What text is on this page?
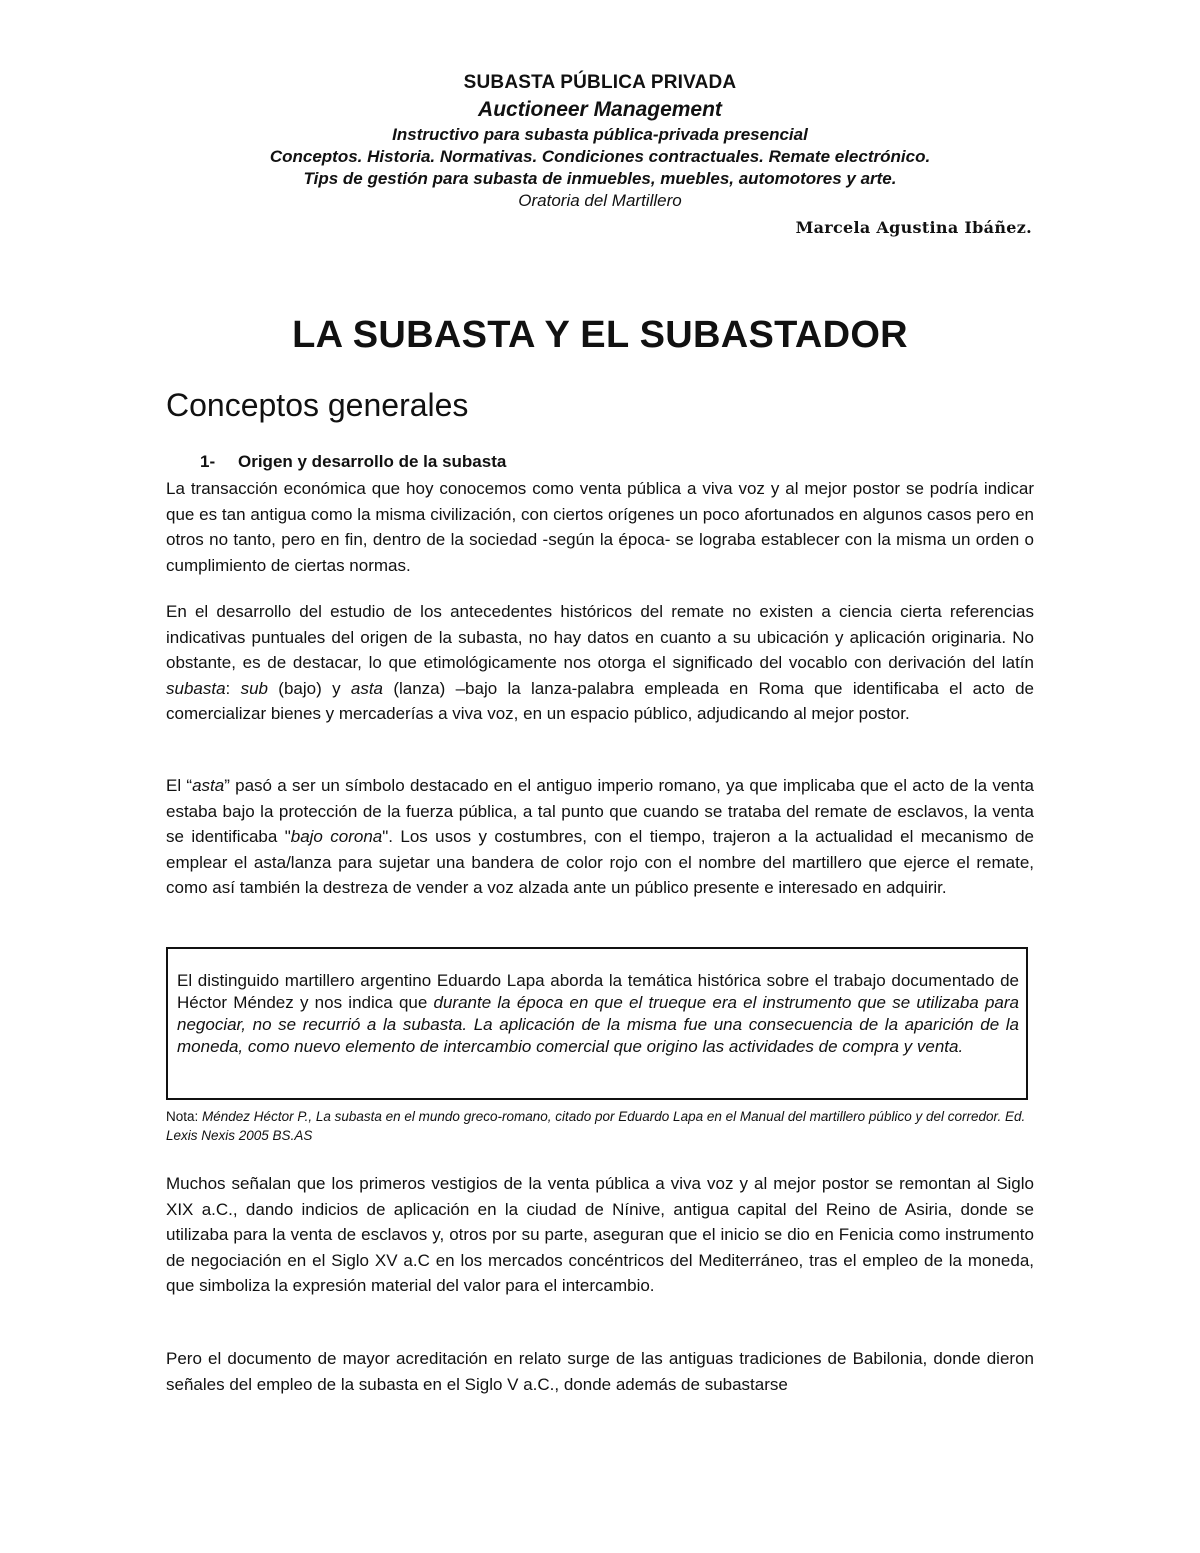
SUBASTA PÚBLICA PRIVADA
Auctioneer Management
Instructivo para subasta pública-privada presencial
Conceptos. Historia. Normativas. Condiciones contractuales. Remate electrónico.
Tips de gestión para subasta de inmuebles, muebles, automotores y arte.
Oratoria del Martillero
Marcela Agustina Ibáñez.
LA SUBASTA Y EL SUBASTADOR
Conceptos generales
1- Origen y desarrollo de la subasta
La transacción económica que hoy conocemos como venta pública a viva voz y al mejor postor se podría indicar que es tan antigua como la misma civilización, con ciertos orígenes un poco afortunados en algunos casos pero en otros no tanto, pero en fin, dentro de la sociedad -según la época- se lograba establecer con la misma un orden o cumplimiento de ciertas normas.
En el desarrollo del estudio de los antecedentes históricos del remate no existen a ciencia cierta referencias indicativas puntuales del origen de la subasta, no hay datos en cuanto a su ubicación y aplicación originaria. No obstante, es de destacar, lo que etimológicamente nos otorga el significado del vocablo con derivación del latín subasta: sub (bajo) y asta (lanza) –bajo la lanza-palabra empleada en Roma que identificaba el acto de comercializar bienes y mercaderías a viva voz, en un espacio público, adjudicando al mejor postor.
El “asta” pasó a ser un símbolo destacado en el antiguo imperio romano, ya que implicaba que el acto de la venta estaba bajo la protección de la fuerza pública, a tal punto que cuando se trataba del remate de esclavos, la venta se identificaba "bajo corona". Los usos y costumbres, con el tiempo, trajeron a la actualidad el mecanismo de emplear el asta/lanza para sujetar una bandera de color rojo con el nombre del martillero que ejerce el remate, como así también la destreza de vender a voz alzada ante un público presente e interesado en adquirir.
El distinguido martillero argentino Eduardo Lapa aborda la temática histórica sobre el trabajo documentado de Héctor Méndez y nos indica que durante la época en que el trueque era el instrumento que se utilizaba para negociar, no se recurrió a la subasta. La aplicación de la misma fue una consecuencia de la aparición de la moneda, como nuevo elemento de intercambio comercial que origino las actividades de compra y venta.
Nota: Méndez Héctor P., La subasta en el mundo greco-romano, citado por Eduardo Lapa en el Manual del martillero público y del corredor. Ed. Lexis Nexis 2005 BS.AS
Muchos señalan que los primeros vestigios de la venta pública a viva voz y al mejor postor se remontan al Siglo XIX a.C., dando indicios de aplicación en la ciudad de Nínive, antigua capital del Reino de Asiria, donde se utilizaba para la venta de esclavos y, otros por su parte, aseguran que el inicio se dio en Fenicia como instrumento de negociación en el Siglo XV a.C en los mercados concéntricos del Mediterráneo, tras el empleo de la moneda, que simboliza la expresión material del valor para el intercambio.
Pero el documento de mayor acreditación en relato surge de las antiguas tradiciones de Babilonia, donde dieron señales del empleo de la subasta en el Siglo V a.C., donde además de subastarse
